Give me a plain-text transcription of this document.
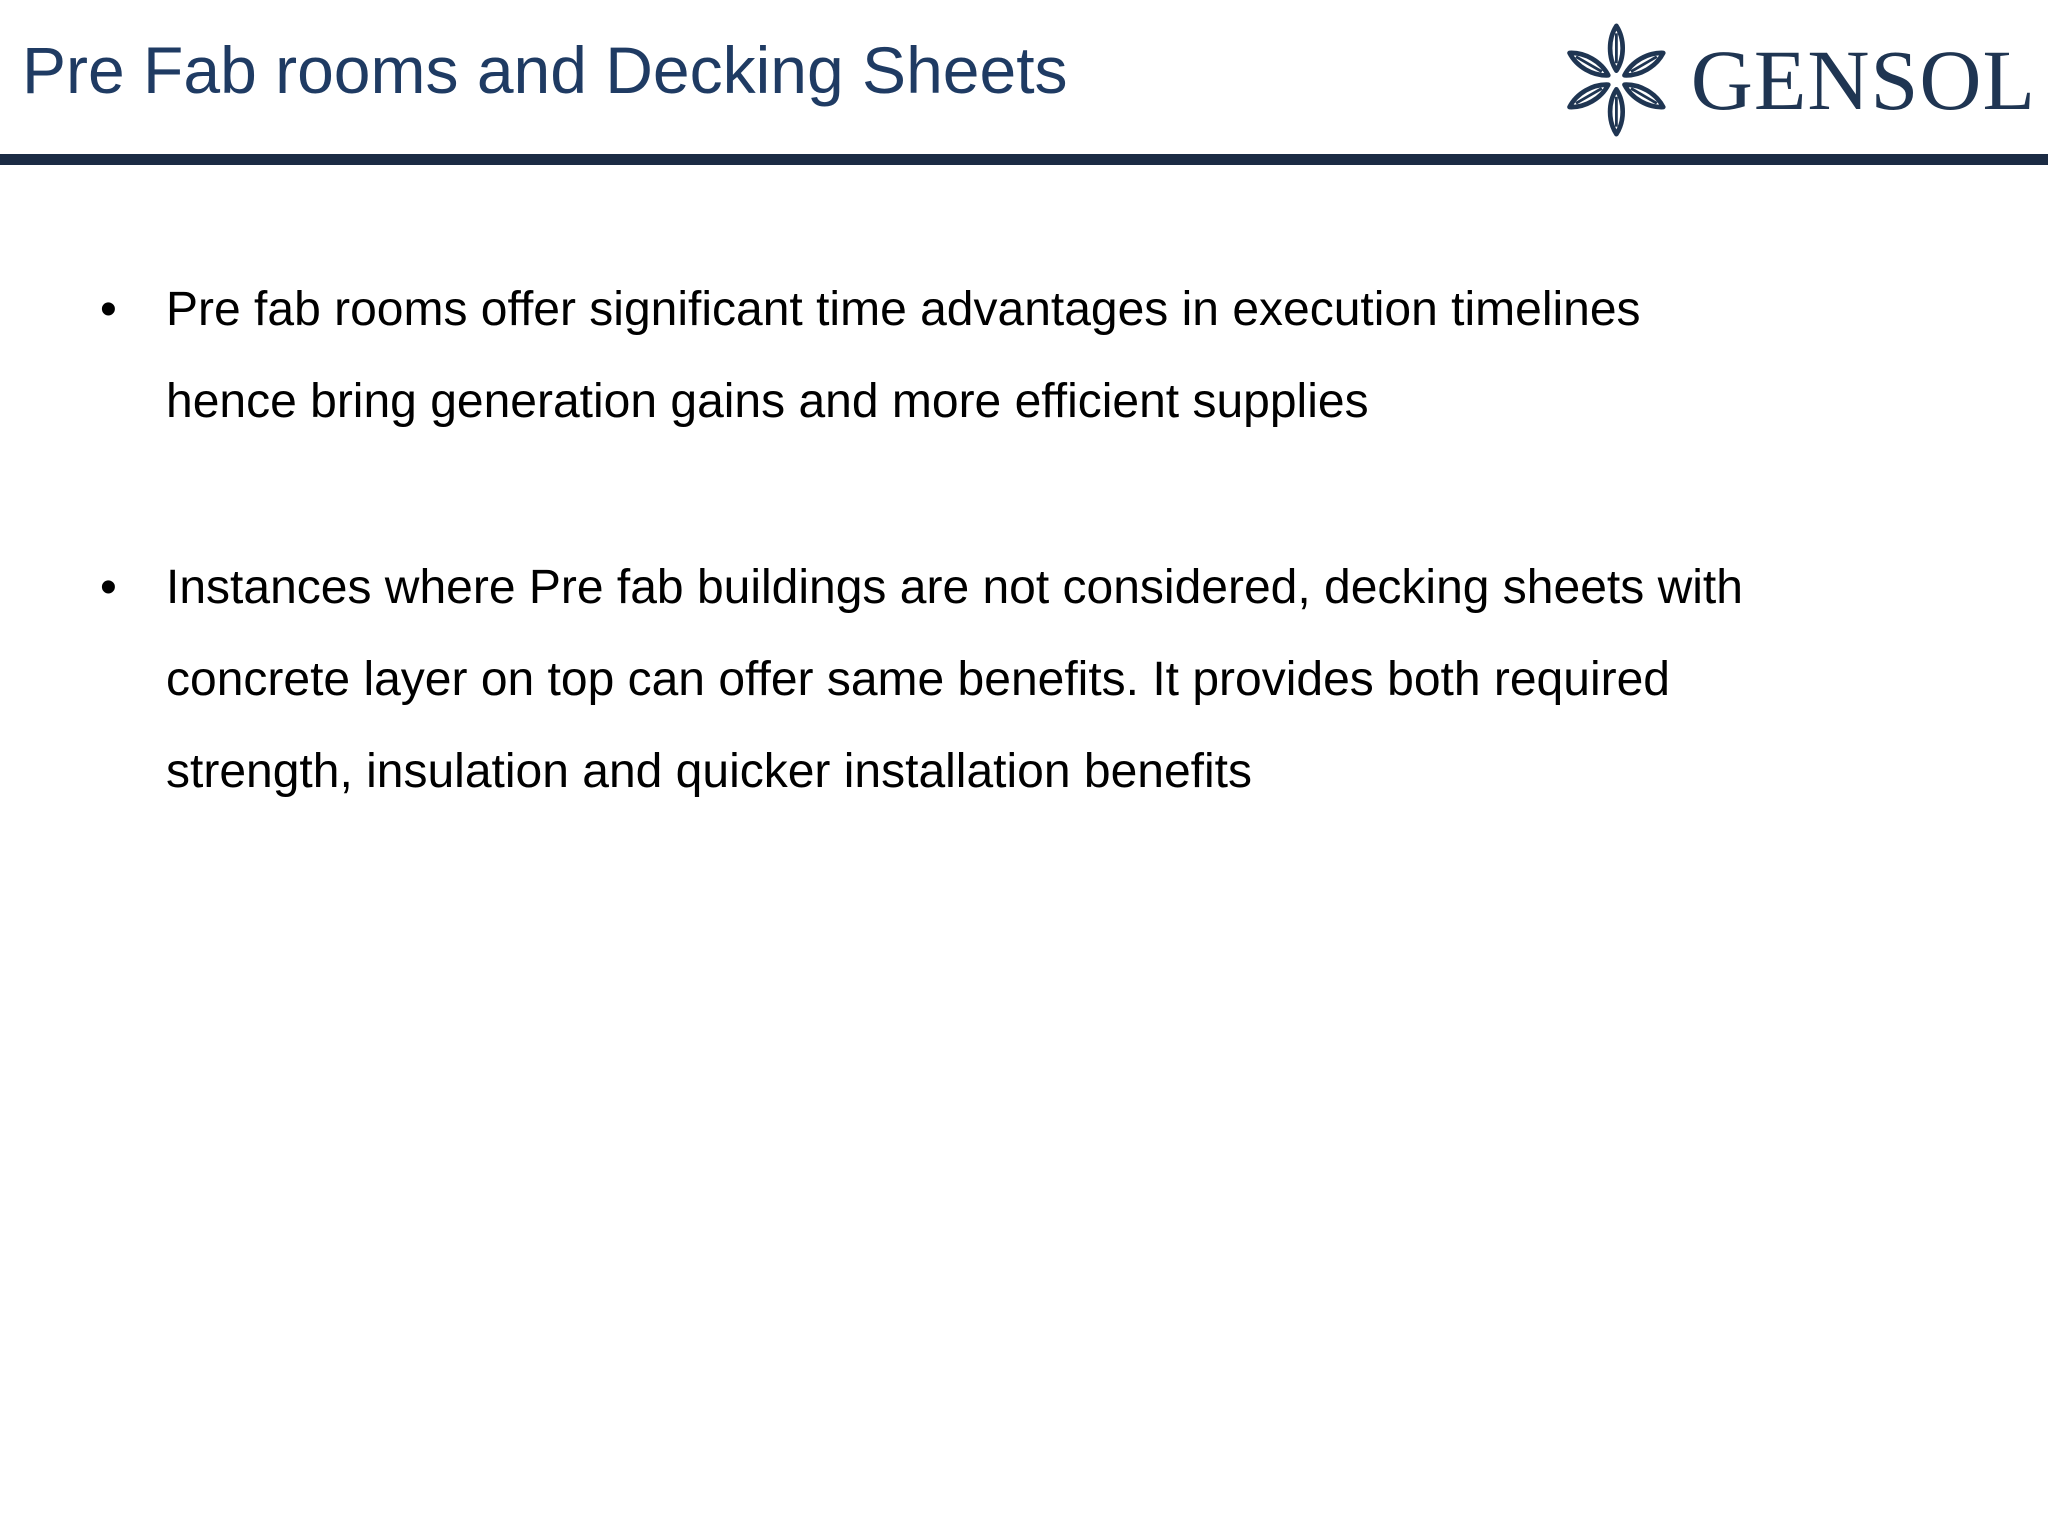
Pre Fab rooms and Decking Sheets	GENSOL
•	Pre fab rooms offer significant time advantages in execution timelines
hence bring generation gains and more efficient supplies
•	Instances where Pre fab buildings are not considered, decking sheets with
concrete layer on top can offer same benefits. It provides both required
strength, insulation and quicker installation benefits
